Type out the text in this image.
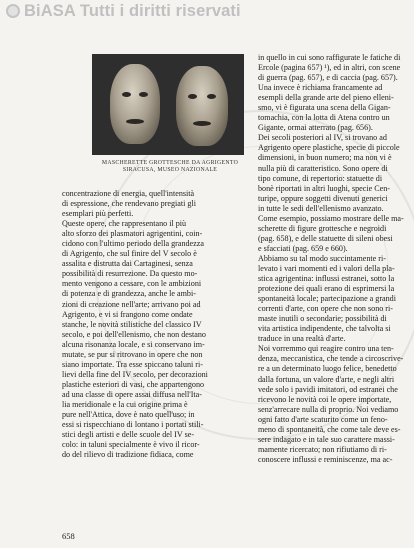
BiASA Tutti i diritti riservati
MASCHERETTE GROTTESCHE DA AGRIGENTO
SIRACUSA, MUSEO NAZIONALE
concentrazione di energia, quell'intensità
di espressione, che rendevano pregiati gli
esemplari più perfetti.
Queste opere, che rappresentano il più
alto sforzo dei plasmatori agrigentini, coin-
cidono con l'ultimo periodo della grandezza
di Agrigento, che sul finire del V secolo è
assalita e distrutta dai Cartaginesi, senza
possibilità di resurrezione. Da questo mo-
mento vengono a cessare, con le ambizioni
di potenza e di grandezza, anche le ambi-
zioni di creazione nell'arte; arrivano poi ad
Agrigento, e vi si frangono come ondate
stanche, le novità stilistiche del classico IV
secolo, e poi dell'ellenismo, che non destano
alcuna risonanza locale, e si conservano im-
mutate, se pur si ritrovano in opere che non
siano importate. Tra esse spiccano taluni ri-
lievi della fine del IV secolo, per decorazioni
plastiche esteriori di vasi, che appartengono
ad una classe di opere assai diffusa nell'Ita-
lia meridionale e la cui origine prima è
pure nell'Attica, dove è nato quell'uso; in
essi si rispecchiano di lontano i portati stili-
stici degli artisti e delle scuole del IV se-
colo: in taluni specialmente è vivo il ricor-
do del rilievo di tradizione fidiaca, come
in quello in cui sono raffigurate le fatiche di
Ercole (pagina 657) ¹), ed in altri, con scene
di guerra (pag. 657), e di caccia (pag. 657).
Una invece è richiama francamente ad
esempli della grande arte del pieno elleni-
smo, vi è figurata una scena della Gigan-
tomachia, con la lotta di Atena contro un
Gigante, ormai atterrato (pag. 656).
Dei secoli posteriori al IV, si trovano ad
Agrigento opere plastiche, specie di piccole
dimensioni, in buon numero; ma non vi è
nulla più di caratteristico. Sono opere di
tipo comune, di repertorio: statuette di
bonè riportati in altri luoghi, specie Cen-
turipe, oppure soggetti divenuti generici
in tutte le sedi dell'ellenismo avanzato.
Come esempio, possiamo mostrare delle ma-
scherette di figure grottesche e negroidi
(pag. 658), e delle statuette di sileni obesi
e sfacciati (pag. 659 e 660).
Abbiamo su tal modo succintamente ri-
levato i vari momenti ed i valori della pla-
stica agrigentina: influssi estranei, sotto la
protezione dei quali erano di esprimersi la
spontaneità locale; partecipazione a grandi
correnti d'arte, con opere che non sono ri-
maste inutili o secondarie; possibilità di
vita artistica indipendente, che talvolta si
traduce in una realtà d'arte.
Noi vorremmo qui reagire contro una ten-
denza, meccanistica, che tende a circoscrive-
re a un determinato luogo felice, benedetto
dalla fortuna, un valore d'arte, e negli altri
vede solo i pavidi imitatori, od estranei che
ricevono le novità coi le opere importate,
senz'arrecare nulla di proprio. Noi vediamo
ogni fatto d'arte scaturito come un feno-
meno di spontaneità, che come tale deve es-
sere indagato e in tale suo carattere massi-
mamente ricercato; non rifiutiamo di ri-
conoscere influssi e reminiscenze, ma ac-
658
